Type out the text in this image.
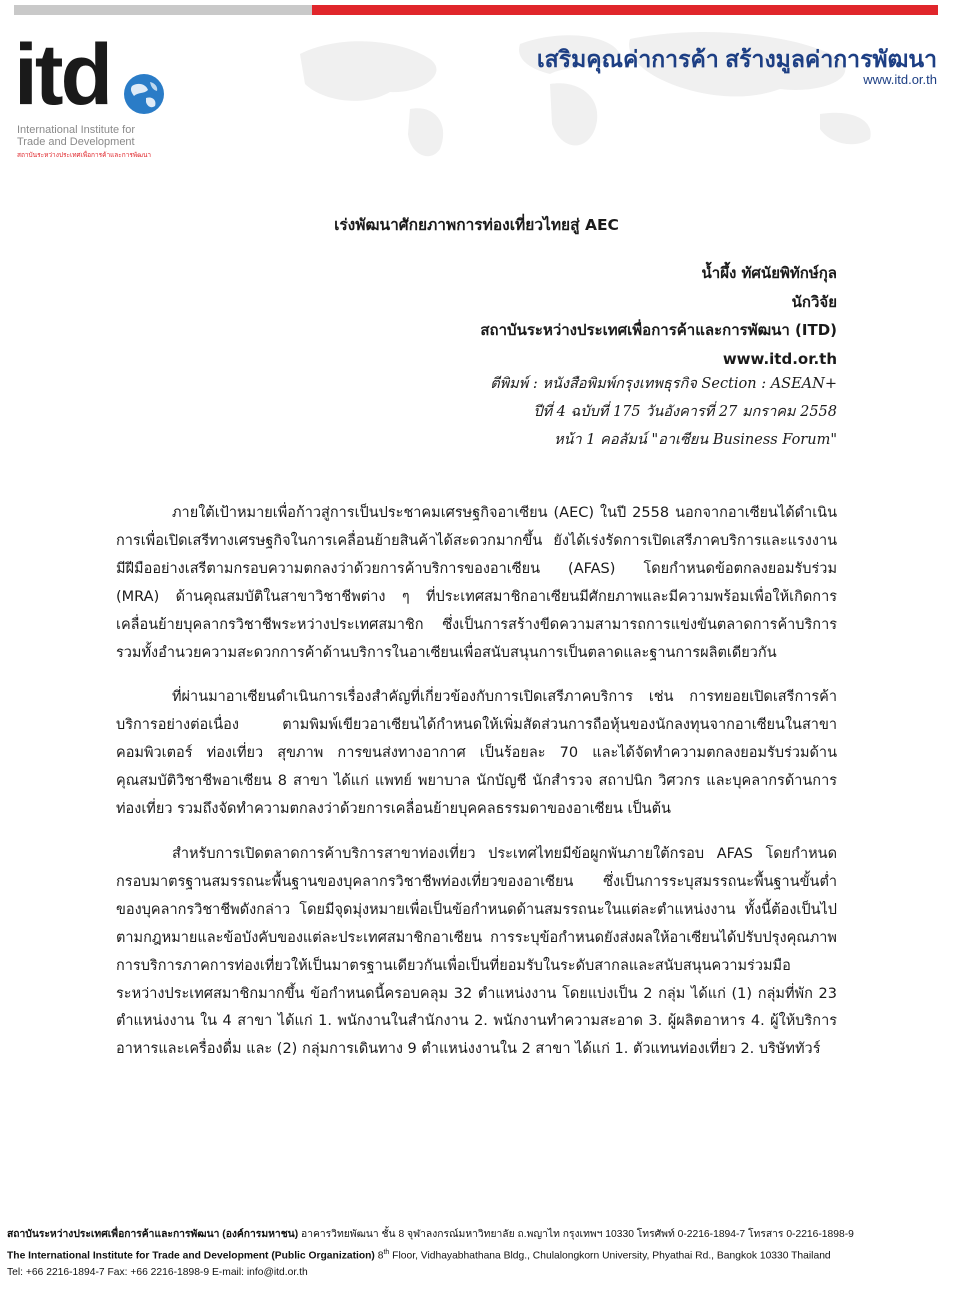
itd
International Institute for
Trade and Development
สถาบันระหว่างประเทศเพื่อการค้าและการพัฒนา
เสริมคุณค่าการค้า สร้างมูลค่าการพัฒนา
www.itd.or.th
เร่งพัฒนาศักยภาพการท่องเที่ยวไทยสู่ AEC
น้ำผึ้ง ทัศนัยพิทักษ์กุล
นักวิจัย
สถาบันระหว่างประเทศเพื่อการค้าและการพัฒนา (ITD)
www.itd.or.th
ตีพิมพ์ : หนังสือพิมพ์กรุงเทพธุรกิจ Section : ASEAN+
ปีที่ 4 ฉบับที่ 175 วันอังคารที่ 27 มกราคม 2558
หน้า 1 คอลัมน์ "อาเซียน Business Forum"

ภายใต้เป้าหมายเพื่อก้าวสู่การเป็นประชาคมเศรษฐกิจอาเซียน (AEC) ในปี 2558 นอกจากอาเซียนได้ดำเนินการเพื่อเปิดเสรีทางเศรษฐกิจในการเคลื่อนย้ายสินค้าได้สะดวกมากขึ้น ยังได้เร่งรัดการเปิดเสรีภาคบริการและแรงงานมีฝีมืออย่างเสรีตามกรอบความตกลงว่าด้วยการค้าบริการของอาเซียน (AFAS) โดยกำหนดข้อตกลงยอมรับร่วม (MRA) ด้านคุณสมบัติในสาขาวิชาชีพต่าง ๆ ที่ประเทศสมาชิกอาเซียนมีศักยภาพและมีความพร้อมเพื่อให้เกิดการเคลื่อนย้ายบุคลากรวิชาชีพระหว่างประเทศสมาชิก ซึ่งเป็นการสร้างขีดความสามารถการแข่งขันตลาดการค้าบริการ รวมทั้งอำนวยความสะดวกการค้าด้านบริการในอาเซียนเพื่อสนับสนุนการเป็นตลาดและฐานการผลิตเดียวกัน

ที่ผ่านมาอาเซียนดำเนินการเรื่องสำคัญที่เกี่ยวข้องกับการเปิดเสรีภาคบริการ เช่น การทยอยเปิดเสรีการค้าบริการอย่างต่อเนื่อง ตามพิมพ์เขียวอาเซียนได้กำหนดให้เพิ่มสัดส่วนการถือหุ้นของนักลงทุนจากอาเซียนในสาขาคอมพิวเตอร์ ท่องเที่ยว สุขภาพ การขนส่งทางอากาศ เป็นร้อยละ 70 และได้จัดทำความตกลงยอมรับร่วมด้านคุณสมบัติวิชาชีพอาเซียน 8 สาขา ได้แก่ แพทย์ พยาบาล นักบัญชี นักสำรวจ สถาปนิก วิศวกร และบุคลากรด้านการท่องเที่ยว รวมถึงจัดทำความตกลงว่าด้วยการเคลื่อนย้ายบุคคลธรรมดาของอาเซียน เป็นต้น

สำหรับการเปิดตลาดการค้าบริการสาขาท่องเที่ยว ประเทศไทยมีข้อผูกพันภายใต้กรอบ AFAS โดยกำหนดกรอบมาตรฐานสมรรถนะพื้นฐานของบุคลากรวิชาชีพท่องเที่ยวของอาเซียน ซึ่งเป็นการระบุสมรรถนะพื้นฐานขั้นต่ำของบุคลากรวิชาชีพดังกล่าว โดยมีจุดมุ่งหมายเพื่อเป็นข้อกำหนดด้านสมรรถนะในแต่ละตำแหน่งงาน ทั้งนี้ต้องเป็นไปตามกฎหมายและข้อบังคับของแต่ละประเทศสมาชิกอาเซียน การระบุข้อกำหนดยังส่งผลให้อาเซียนได้ปรับปรุงคุณภาพการบริการภาคการท่องเที่ยวให้เป็นมาตรฐานเดียวกันเพื่อเป็นที่ยอมรับในระดับสากลและสนับสนุนความร่วมมือระหว่างประเทศสมาชิกมากขึ้น ข้อกำหนดนี้ครอบคลุม 32 ตำแหน่งงาน โดยแบ่งเป็น 2 กลุ่ม ได้แก่ (1) กลุ่มที่พัก 23 ตำแหน่งงาน ใน 4 สาขา ได้แก่ 1. พนักงานในสำนักงาน 2. พนักงานทำความสะอาด 3. ผู้ผลิตอาหาร 4. ผู้ให้บริการอาหารและเครื่องดื่ม และ (2) กลุ่มการเดินทาง 9 ตำแหน่งงานใน 2 สาขา ได้แก่ 1. ตัวแทนท่องเที่ยว 2. บริษัททัวร์

สถาบันระหว่างประเทศเพื่อการค้าและการพัฒนา (องค์การมหาชน) อาคารวิทยพัฒนา ชั้น 8 จุฬาลงกรณ์มหาวิทยาลัย ถ.พญาไท กรุงเทพฯ 10330 โทรศัพท์ 0-2216-1894-7 โทรสาร 0-2216-1898-9
The International Institute for Trade and Development (Public Organization) 8th Floor, Vidhayabhathana Bldg., Chulalongkorn University, Phyathai Rd., Bangkok 10330 Thailand
Tel: +66 2216-1894-7 Fax: +66 2216-1898-9 E-mail: info@itd.or.th
